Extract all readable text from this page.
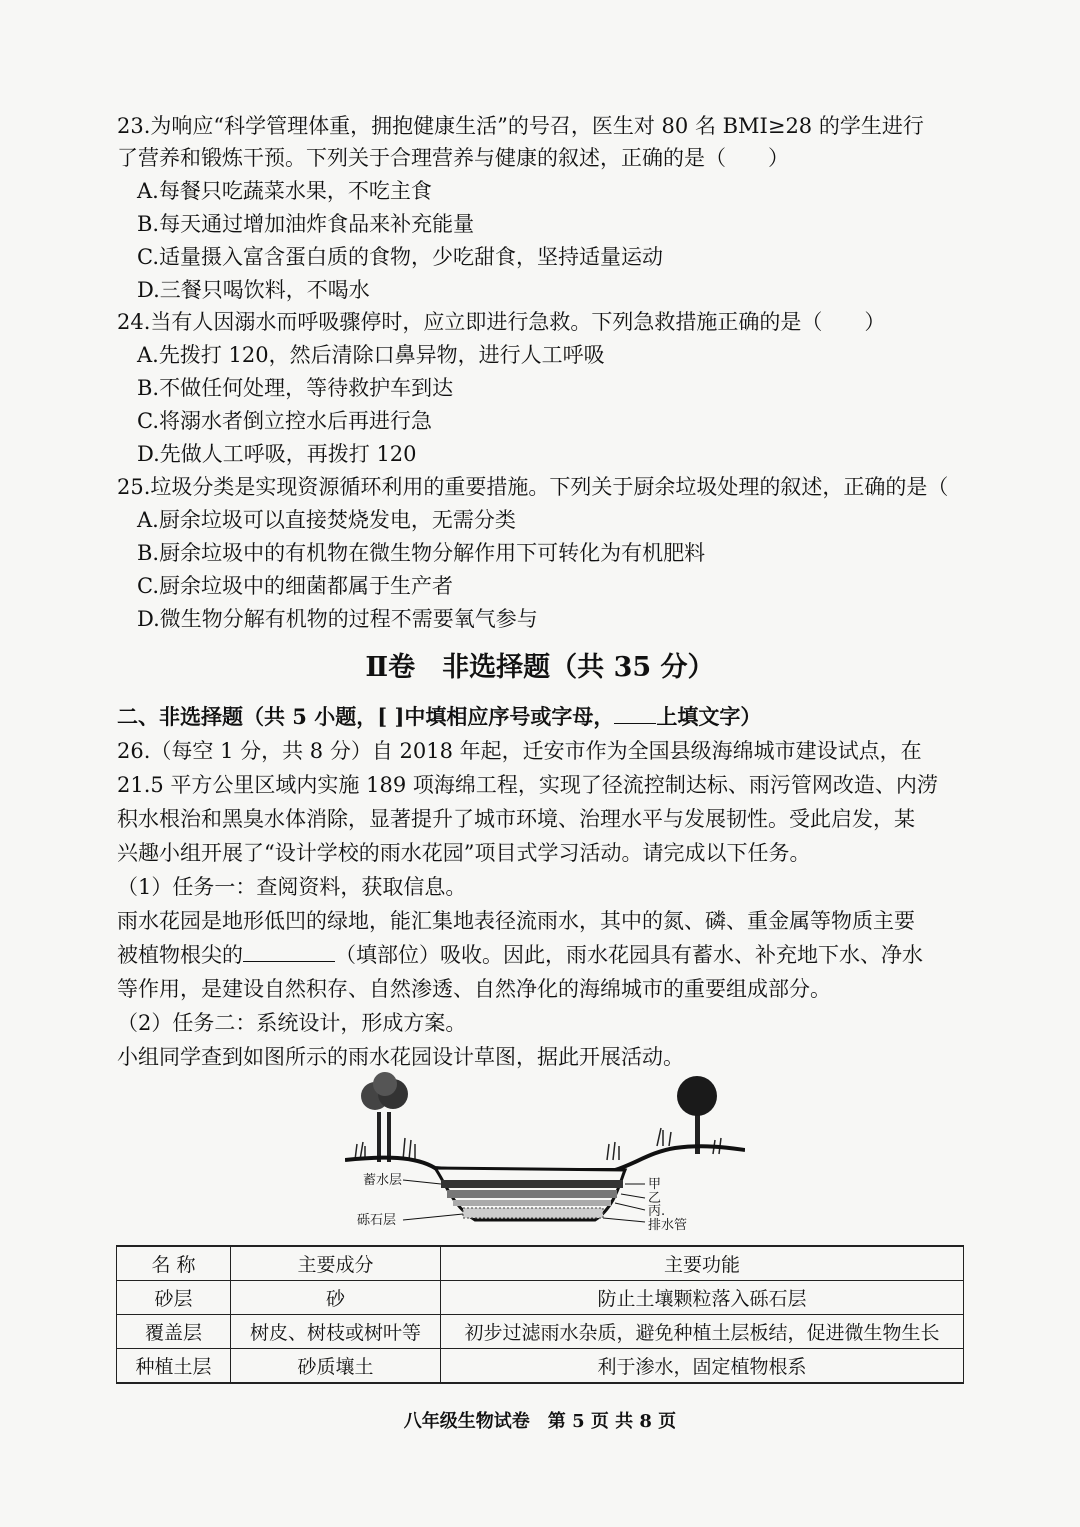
23.为响应“科学管理体重，拥抱健康生活”的号召，医生对 80 名 BMI≥28 的学生进行
了营养和锻炼干预。下列关于合理营养与健康的叙述，正确的是（　　）
A.每餐只吃蔬菜水果，不吃主食
B.每天通过增加油炸食品来补充能量
C.适量摄入富含蛋白质的食物，少吃甜食，坚持适量运动
D.三餐只喝饮料，不喝水
24.当有人因溺水而呼吸骤停时，应立即进行急救。下列急救措施正确的是（　　）
A.先拨打 120，然后清除口鼻异物，进行人工呼吸
B.不做任何处理，等待救护车到达
C.将溺水者倒立控水后再进行急
D.先做人工呼吸，再拨打 120
25.垃圾分类是实现资源循环利用的重要措施。下列关于厨余垃圾处理的叙述，正确的是（
A.厨余垃圾可以直接焚烧发电，无需分类
B.厨余垃圾中的有机物在微生物分解作用下可转化为有机肥料
C.厨余垃圾中的细菌都属于生产者
D.微生物分解有机物的过程不需要氧气参与
Ⅱ卷　非选择题（共 35 分）
二、非选择题（共 5 小题，[ ]中填相应序号或字母， 上填文字）
26.（每空 1 分，共 8 分）自 2018 年起，迁安市作为全国县级海绵城市建设试点，在
21.5 平方公里区域内实施 189 项海绵工程，实现了径流控制达标、雨污管网改造、内涝
积水根治和黑臭水体消除，显著提升了城市环境、治理水平与发展韧性。受此启发，某
兴趣小组开展了“设计学校的雨水花园”项目式学习活动。请完成以下任务。
（1）任务一：查阅资料，获取信息。
雨水花园是地形低凹的绿地，能汇集地表径流雨水，其中的氮、磷、重金属等物质主要
被植物根尖的	（填部位）吸收。因此，雨水花园具有蓄水、补充地下水、净水
等作用，是建设自然积存、自然渗透、自然净化的海绵城市的重要组成部分。
（2）任务二：系统设计，形成方案。
小组同学查到如图所示的雨水花园设计草图，据此开展活动。
蓄水层
砾石层
甲
乙
丙.
排水管
名 称	主要成分	主要功能
砂层	砂	防止土壤颗粒落入砾石层
覆盖层	树皮、树枝或树叶等	初步过滤雨水杂质，避免种植土层板结，促进微生物生长
种植土层	砂质壤土	利于渗水，固定植物根系
八年级生物试卷　第 5 页 共 8 页
